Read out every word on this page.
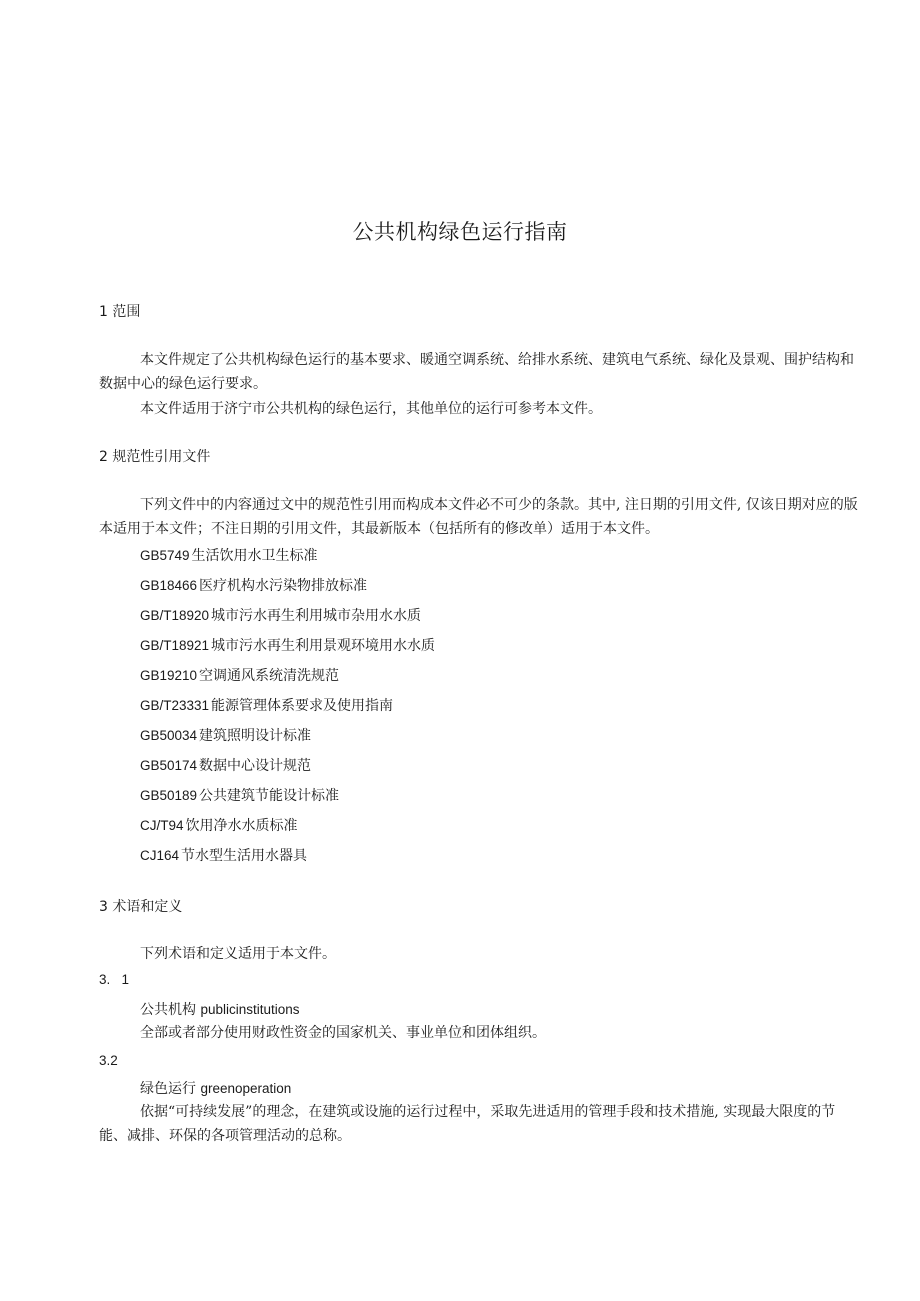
公共机构绿色运行指南
1 范围

本文件规定了公共机构绿色运行的基本要求、暖通空调系统、给排水系统、建筑电气系统、绿化及景观、围护结构和数据中心的绿色运行要求。

本文件适用于济宁市公共机构的绿色运行，其他单位的运行可参考本文件。

2 规范性引用文件

下列文件中的内容通过文中的规范性引用而构成本文件必不可少的条款。其中, 注日期的引用文件, 仅该日期对应的版本适用于本文件；不注日期的引用文件，其最新版本（包括所有的修改单）适用于本文件。

GB5749 生活饮用水卫生标准
GB18466 医疗机构水污染物排放标准
GB/T18920 城市污水再生利用城市杂用水水质
GB/T18921 城市污水再生利用景观环境用水水质
GB19210 空调通风系统清洗规范
GB/T23331 能源管理体系要求及使用指南
GB50034 建筑照明设计标准
GB50174 数据中心设计规范
GB50189 公共建筑节能设计标准
CJ/T94 饮用净水水质标准
CJ164 节水型生活用水器具
3 术语和定义

下列术语和定义适用于本文件。

3.   1
公共机构 publicinstitutions

全部或者部分使用财政性资金的国家机关、事业单位和团体组织。

3.2
绿色运行 greenoperation

依据“可持续发展”的理念，在建筑或设施的运行过程中，采取先进适用的管理手段和技术措施, 实现最大限度的节能、减排、环保的各项管理活动的总称。
